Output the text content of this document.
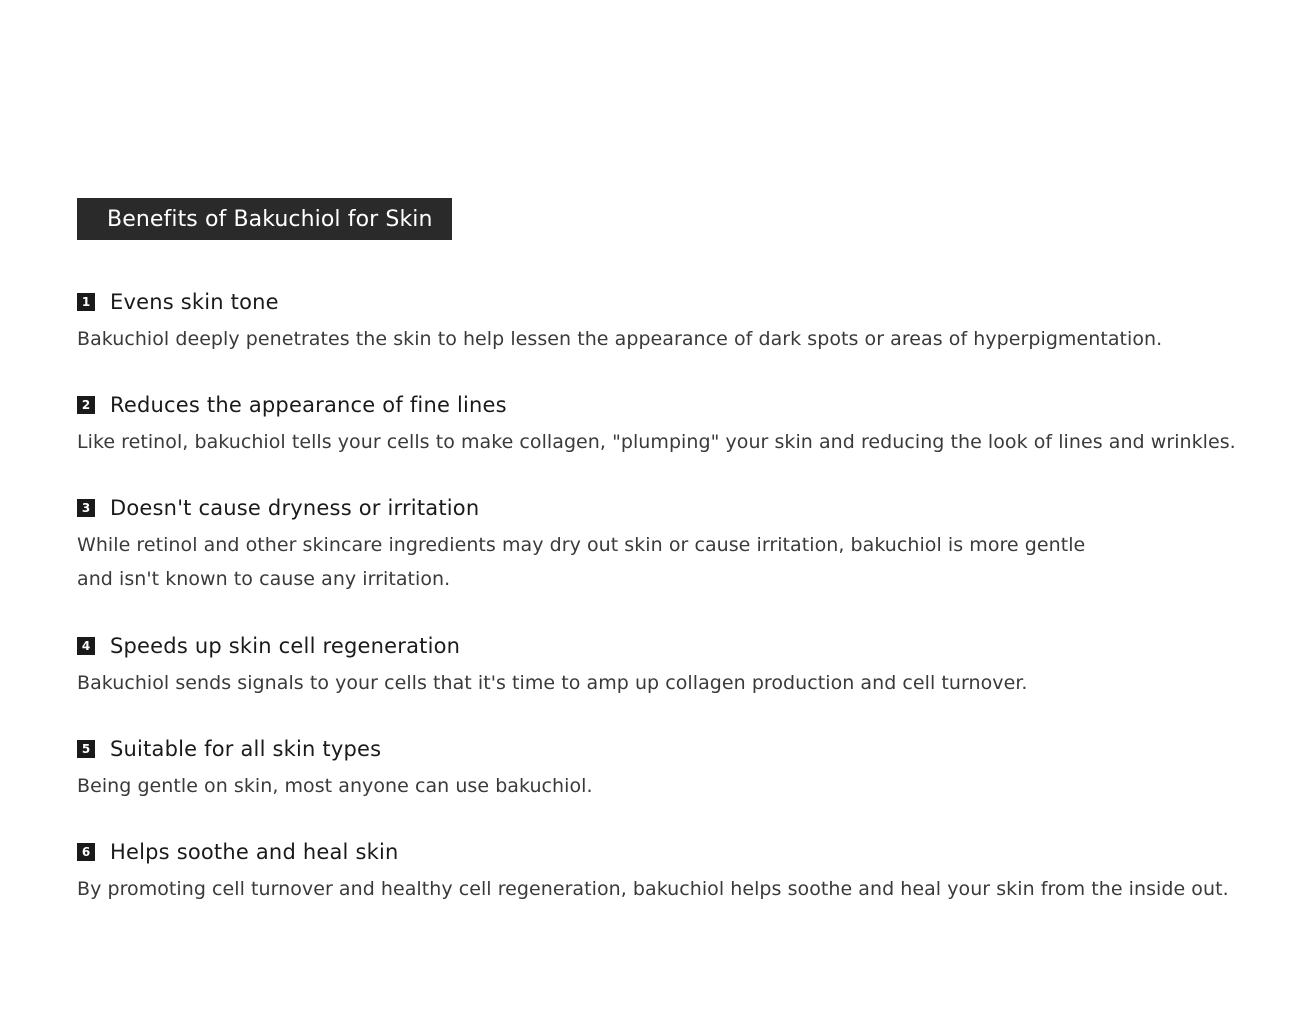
Benefits of Bakuchiol for Skin
1 Evens skin tone
Bakuchiol deeply penetrates the skin to help lessen the appearance of dark spots or areas of hyperpigmentation.
2 Reduces the appearance of fine lines
Like retinol, bakuchiol tells your cells to make collagen, "plumping" your skin and reducing the look of lines and wrinkles.
3 Doesn't cause dryness or irritation
While retinol and other skincare ingredients may dry out skin or cause irritation, bakuchiol is more gentle
and isn't known to cause any irritation.
4 Speeds up skin cell regeneration
Bakuchiol sends signals to your cells that it's time to amp up collagen production and cell turnover.
5 Suitable for all skin types
Being gentle on skin, most anyone can use bakuchiol.
6 Helps soothe and heal skin
By promoting cell turnover and healthy cell regeneration, bakuchiol helps soothe and heal your skin from the inside out.
